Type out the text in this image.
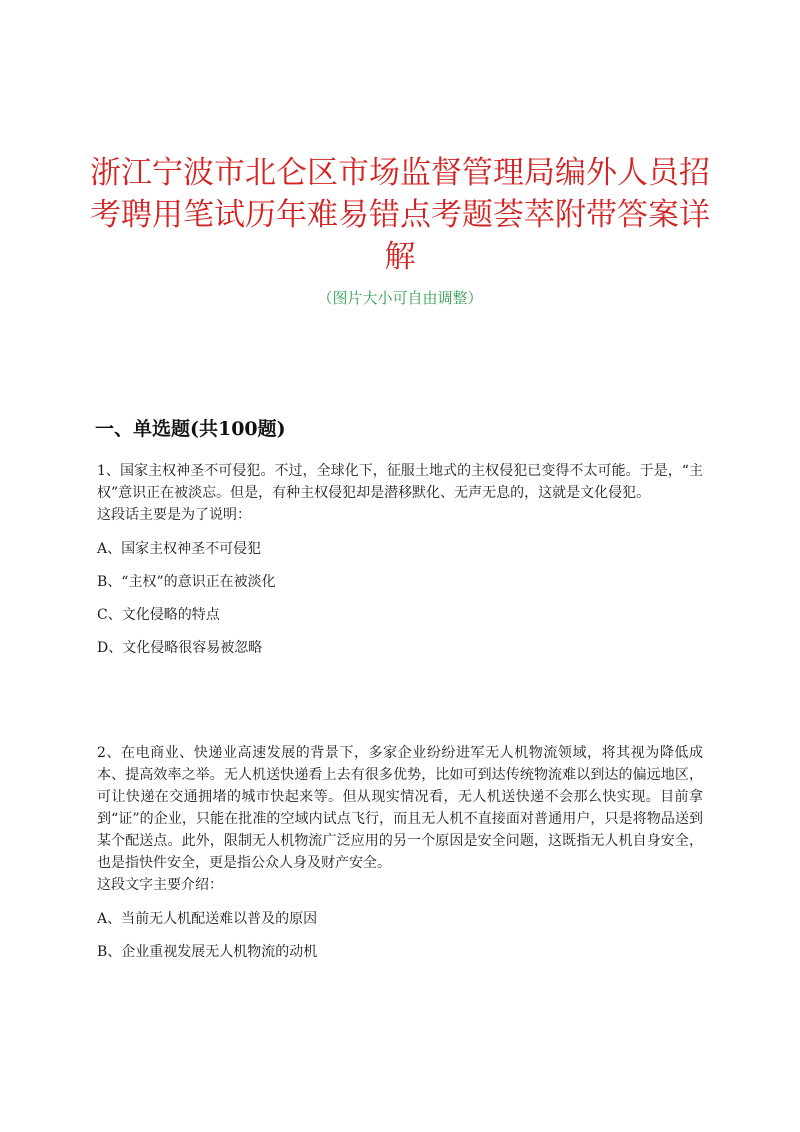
浙江宁波市北仑区市场监督管理局编外人员招考聘用笔试历年难易错点考题荟萃附带答案详解

（图片大小可自由调整）

一、单选题(共100题)

1、国家主权神圣不可侵犯。不过，全球化下，征服土地式的主权侵犯已变得不太可能。于是，“主权”意识正在被淡忘。但是，有种主权侵犯却是潜移默化、无声无息的，这就是文化侵犯。

这段话主要是为了说明：

A、国家主权神圣不可侵犯
B、“主权”的意识正在被淡化
C、文化侵略的特点
D、文化侵略很容易被忽略

2、在电商业、快递业高速发展的背景下，多家企业纷纷进军无人机物流领域，将其视为降低成本、提高效率之举。无人机送快递看上去有很多优势，比如可到达传统物流难以到达的偏远地区，可让快递在交通拥堵的城市快起来等。但从现实情况看，无人机送快递不会那么快实现。目前拿到“证”的企业，只能在批准的空域内试点飞行，而且无人机不直接面对普通用户，只是将物品送到某个配送点。此外，限制无人机物流广泛应用的另一个原因是安全问题，这既指无人机自身安全，也是指快件安全，更是指公众人身及财产安全。

这段文字主要介绍：

A、当前无人机配送难以普及的原因
B、企业重视发展无人机物流的动机
